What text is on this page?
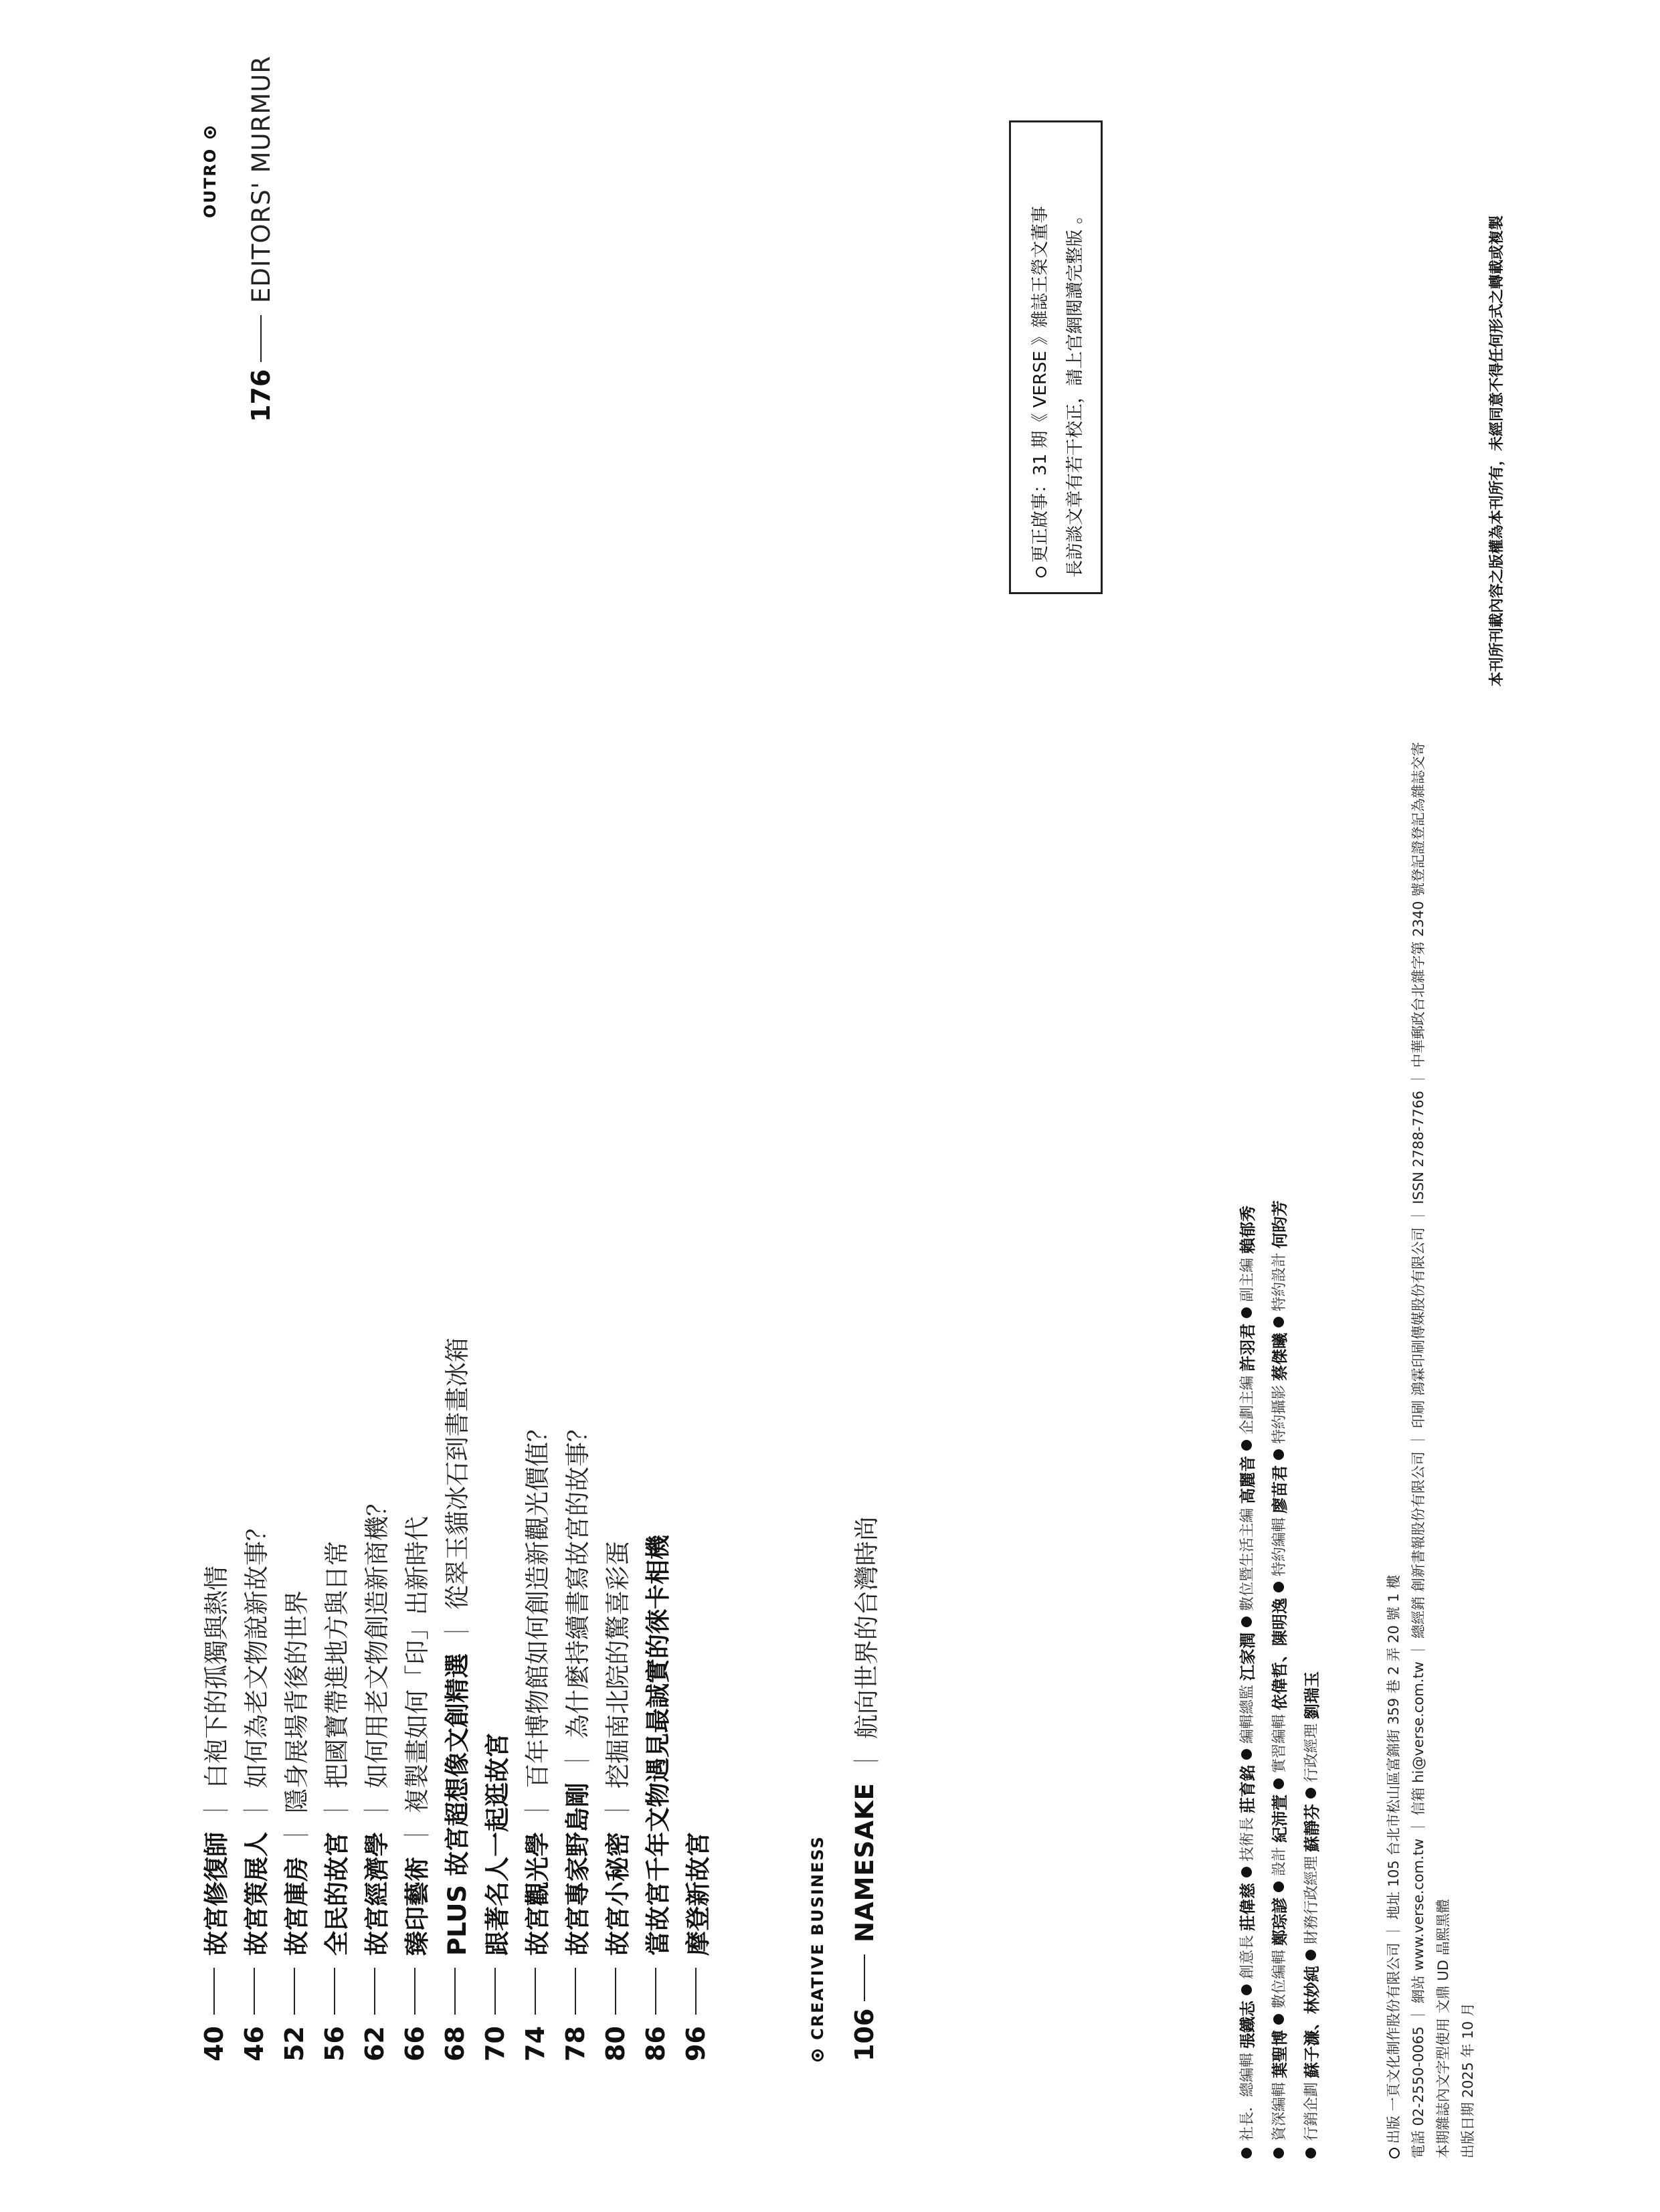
40
故宮修復師
｜
白袍下的孤獨與熱情
46
故宮策展人
｜
如何為老文物說新故事？
52
故宮庫房
｜
隱身展場背後的世界
56
全民的故宮
｜
把國寶帶進地方與日常
62
故宮經濟學
｜
如何用老文物創造新商機？
66
臻印藝術
｜
複製畫如何「印」出新時代
68
PLUS 故宮超想像文創精選
｜
從翠玉貓冰石到書畫冰箱
70
跟著名人一起逛故宮
74
故宮觀光學
｜
百年博物館如何創造新觀光價值？
78
故宮專家野島剛
｜
為什麼持續書寫故宮的故事？
80
故宮小秘密
｜
挖掘南北院的驚喜彩蛋
86
當故宮千年文物遇見最誠實的徠卡相機
96
摩登新故宮	CREATIVE BUSINESS 106
NAMESAKE
｜
航向世界的台灣時尚
OUTRO
176
EDITORS' MURMUR
社長．總編輯
張鐵志
創意長
莊偉慈
技術長
莊育銘
編輯總監
江家潤
數位暨生活主編
高麗音
企劃主編
許羽君
副主編
賴郁秀
資深編輯
葉聖博
數位編輯
鄭琮諺
設計
紀沛萱
實習編輯
依偉哲、陳明逸
特約編輯
廖苗君
特約攝影
蔡傑曦
特約設計
何昀芳
行銷企劃
蘇子濂、林妙純
財務行政經理
蘇靜芬
行政經理
劉瑞玉	出版 一頁文化制作股份有限公司 ｜ 地址 105 台北市松山區富錦街 359 巷 2 弄 20 號 1 樓 電話 02-2550-0065 ｜ 網站 www.verse.com.tw ｜ 信箱 hi@verse.com.tw ｜ 總經銷 創新書報股份有限公司 ｜ 印刷 鴻霖印刷傳媒股份有限公司 ｜ ISSN 2788-7766 ｜ 中華郵政台北雜字第 2340 號登記證登記為雜誌交寄 本期雜誌內文字型使用 文鼎 UD 晶熙黑體 出版日期 2025 年 10 月
本刊所刊載內容之版權為本刊所有，未經同意不得任何形式之轉載或複製
更正啟事：31 期《 VERSE 》雜誌王榮文董事 長訪談文章有若干校正，請上官網閱讀完整版 。
